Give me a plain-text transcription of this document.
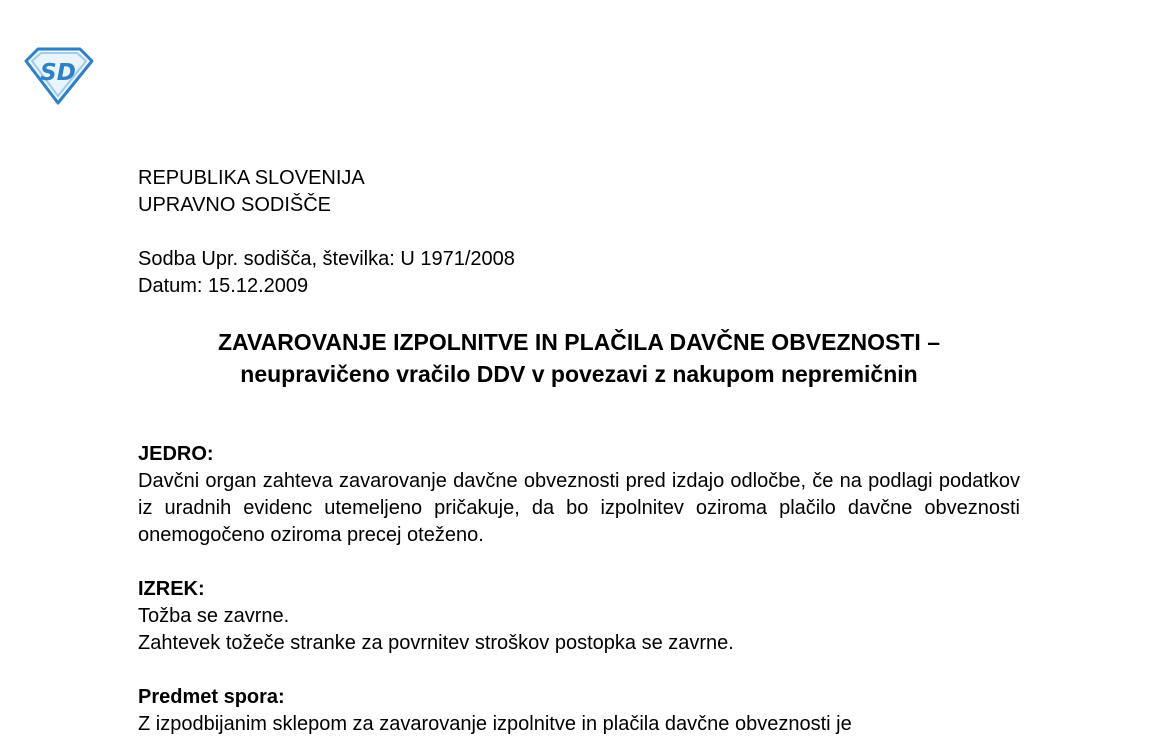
SD
REPUBLIKA SLOVENIJA
UPRAVNO SODIŠČE
Sodba Upr. sodišča, številka: U 1971/2008
Datum: 15.12.2009
ZAVAROVANJE IZPOLNITVE IN PLAČILA DAVČNE OBVEZNOSTI –
neupravičeno vračilo DDV v povezavi z nakupom nepremičnin
JEDRO:
Davčni organ zahteva zavarovanje davčne obveznosti pred izdajo odločbe, če na podlagi podatkov iz uradnih evidenc utemeljeno pričakuje, da bo izpolnitev oziroma plačilo davčne obveznosti onemogočeno oziroma precej oteženo.
IZREK:
Tožba se zavrne.
Zahtevek tožeče stranke za povrnitev stroškov postopka se zavrne.
Predmet spora:
Z izpodbijanim sklepom za zavarovanje izpolnitve in plačila davčne obveznosti je
